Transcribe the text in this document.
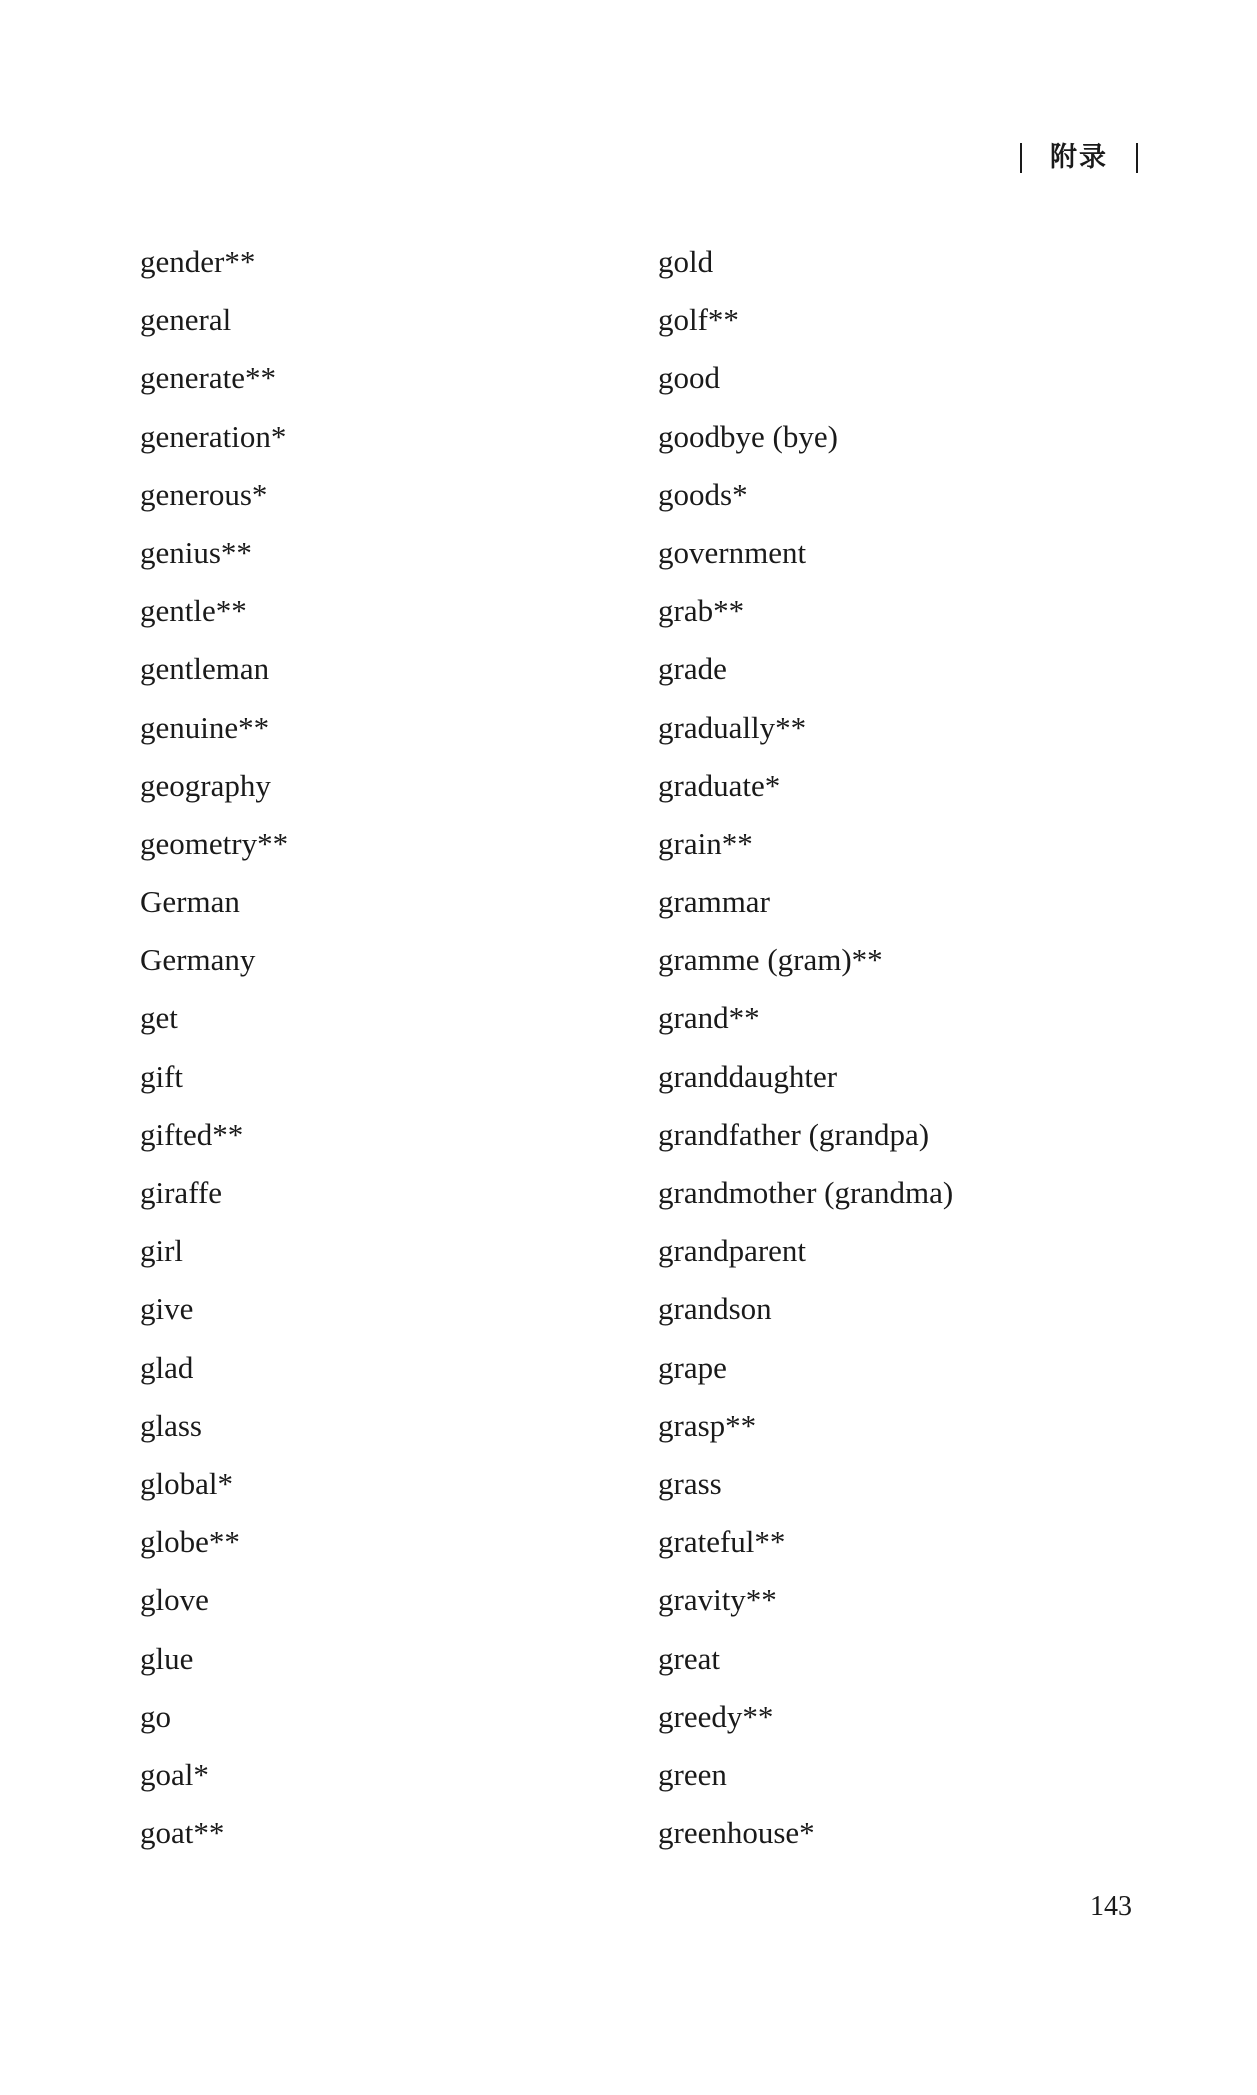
附录
gender**
general
generate**
generation*
generous*
genius**
gentle**
gentleman
genuine**
geography
geometry**
German
Germany
get
gift
gifted**
giraffe
girl
give
glad
glass
global*
globe**
glove
glue
go
goal*
goat**
gold
golf**
good
goodbye (bye)
goods*
government
grab**
grade
gradually**
graduate*
grain**
grammar
gramme (gram)**
grand**
granddaughter
grandfather (grandpa)
grandmother (grandma)
grandparent
grandson
grape
grasp**
grass
grateful**
gravity**
great
greedy**
green
greenhouse*
143
